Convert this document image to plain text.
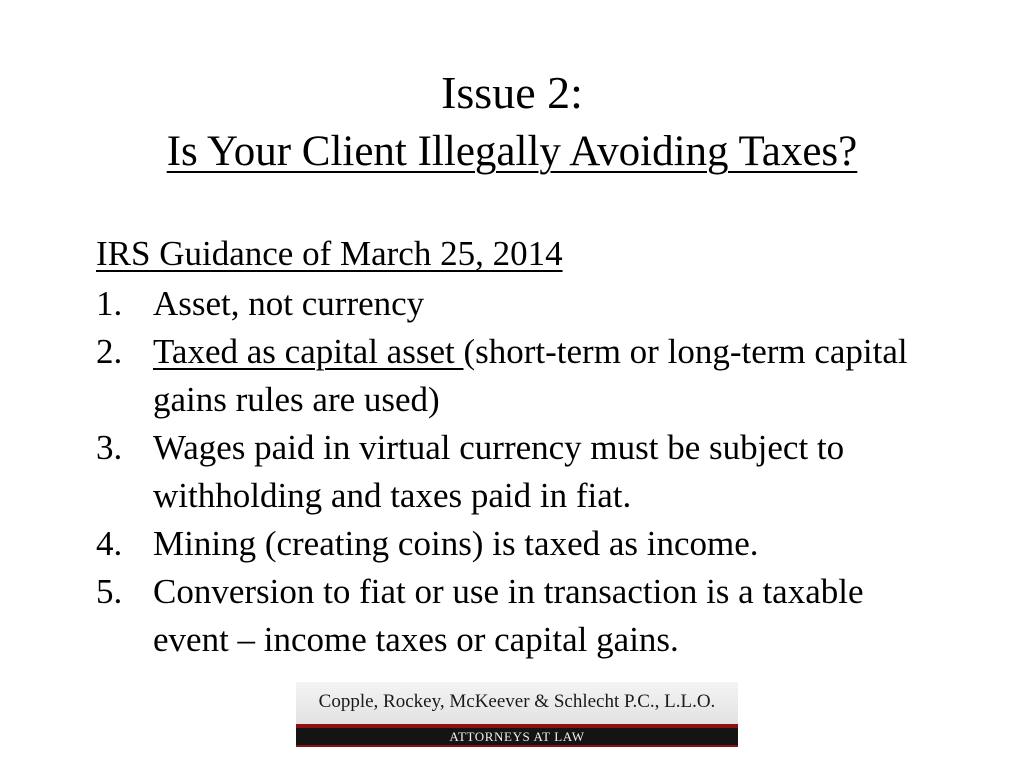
Issue 2:
Is Your Client Illegally Avoiding Taxes?
IRS Guidance of March 25, 2014
1. Asset, not currency
2. Taxed as capital asset (short-term or long-term capital gains rules are used)
3. Wages paid in virtual currency must be subject to withholding and taxes paid in fiat.
4. Mining (creating coins) is taxed as income.
5. Conversion to fiat or use in transaction is a taxable event – income taxes or capital gains.
Copple, Rockey, McKeever & Schlecht P.C., L.L.O.
ATTORNEYS AT LAW
